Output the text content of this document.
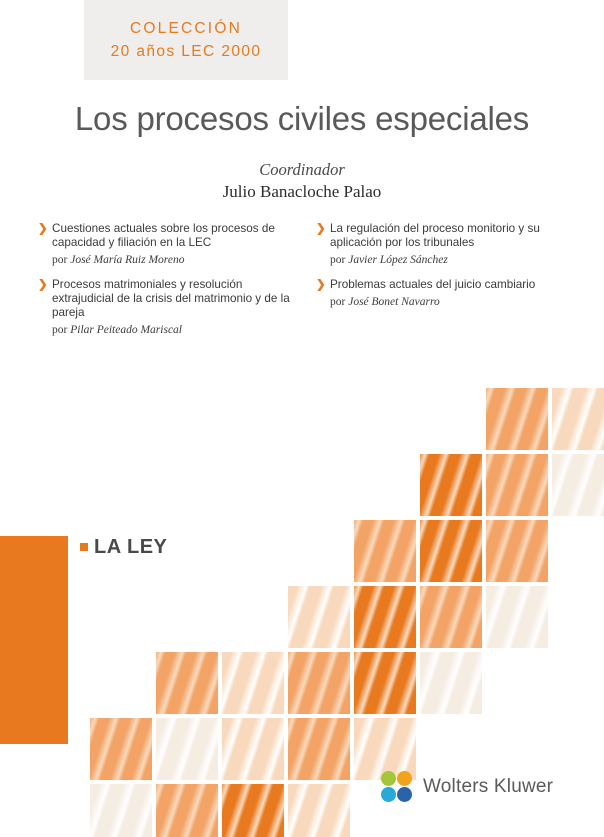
COLECCIÓN
20 años LEC 2000
Los procesos civiles especiales
Coordinador
Julio Banacloche Palao
❯ Cuestiones actuales sobre los procesos de capacidad y filiación en la LEC
por José María Ruiz Moreno
❯ Procesos matrimoniales y resolución extrajudicial de la crisis del matrimonio y de la pareja
por Pilar Peiteado Mariscal
❯ La regulación del proceso monitorio y su aplicación por los tribunales
por Javier López Sánchez
❯ Problemas actuales del juicio cambiario
por José Bonet Navarro
LA LEY
Wolters Kluwer
